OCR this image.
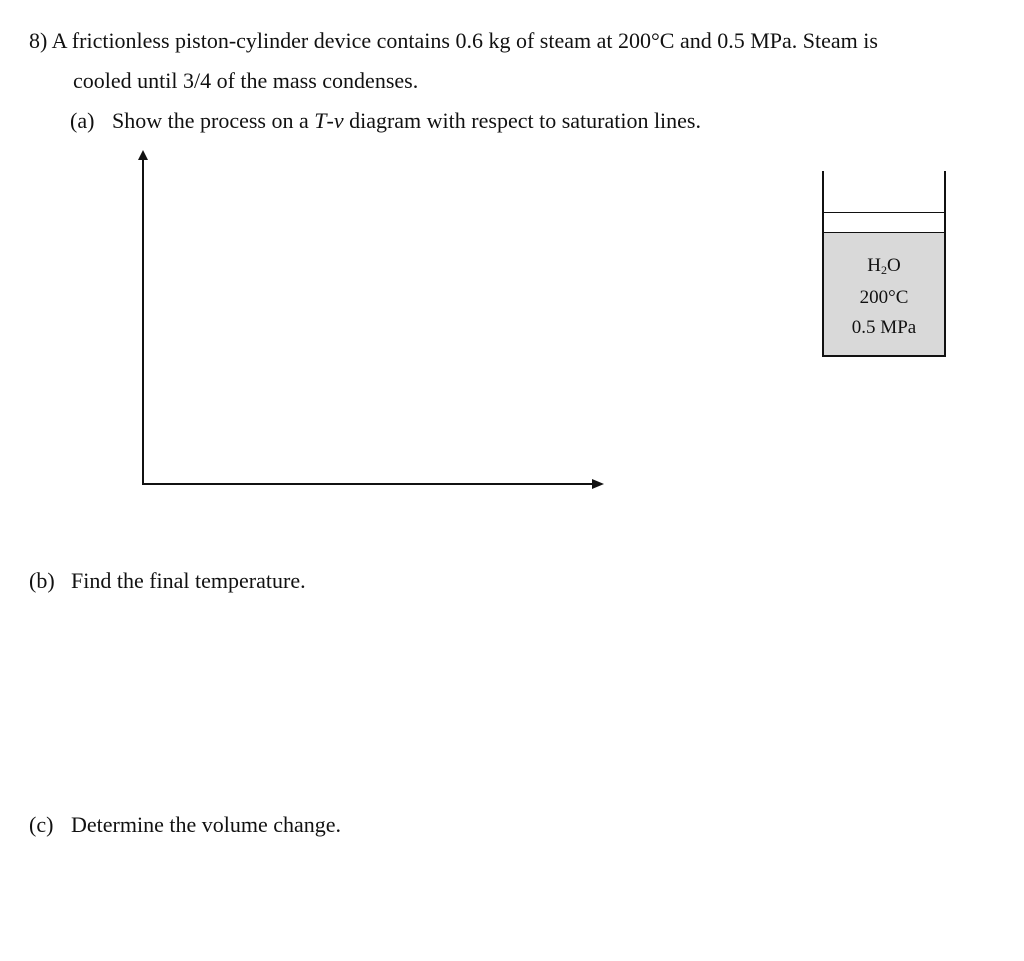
8) A frictionless piston-cylinder device contains 0.6 kg of steam at 200°C and 0.5 MPa. Steam is
cooled until 3/4 of the mass condenses.
(a) Show the process on a T-v diagram with respect to saturation lines.
$H_2O$
200°C
0.5 MPa
(b) Find the final temperature.
(c) Determine the volume change.
